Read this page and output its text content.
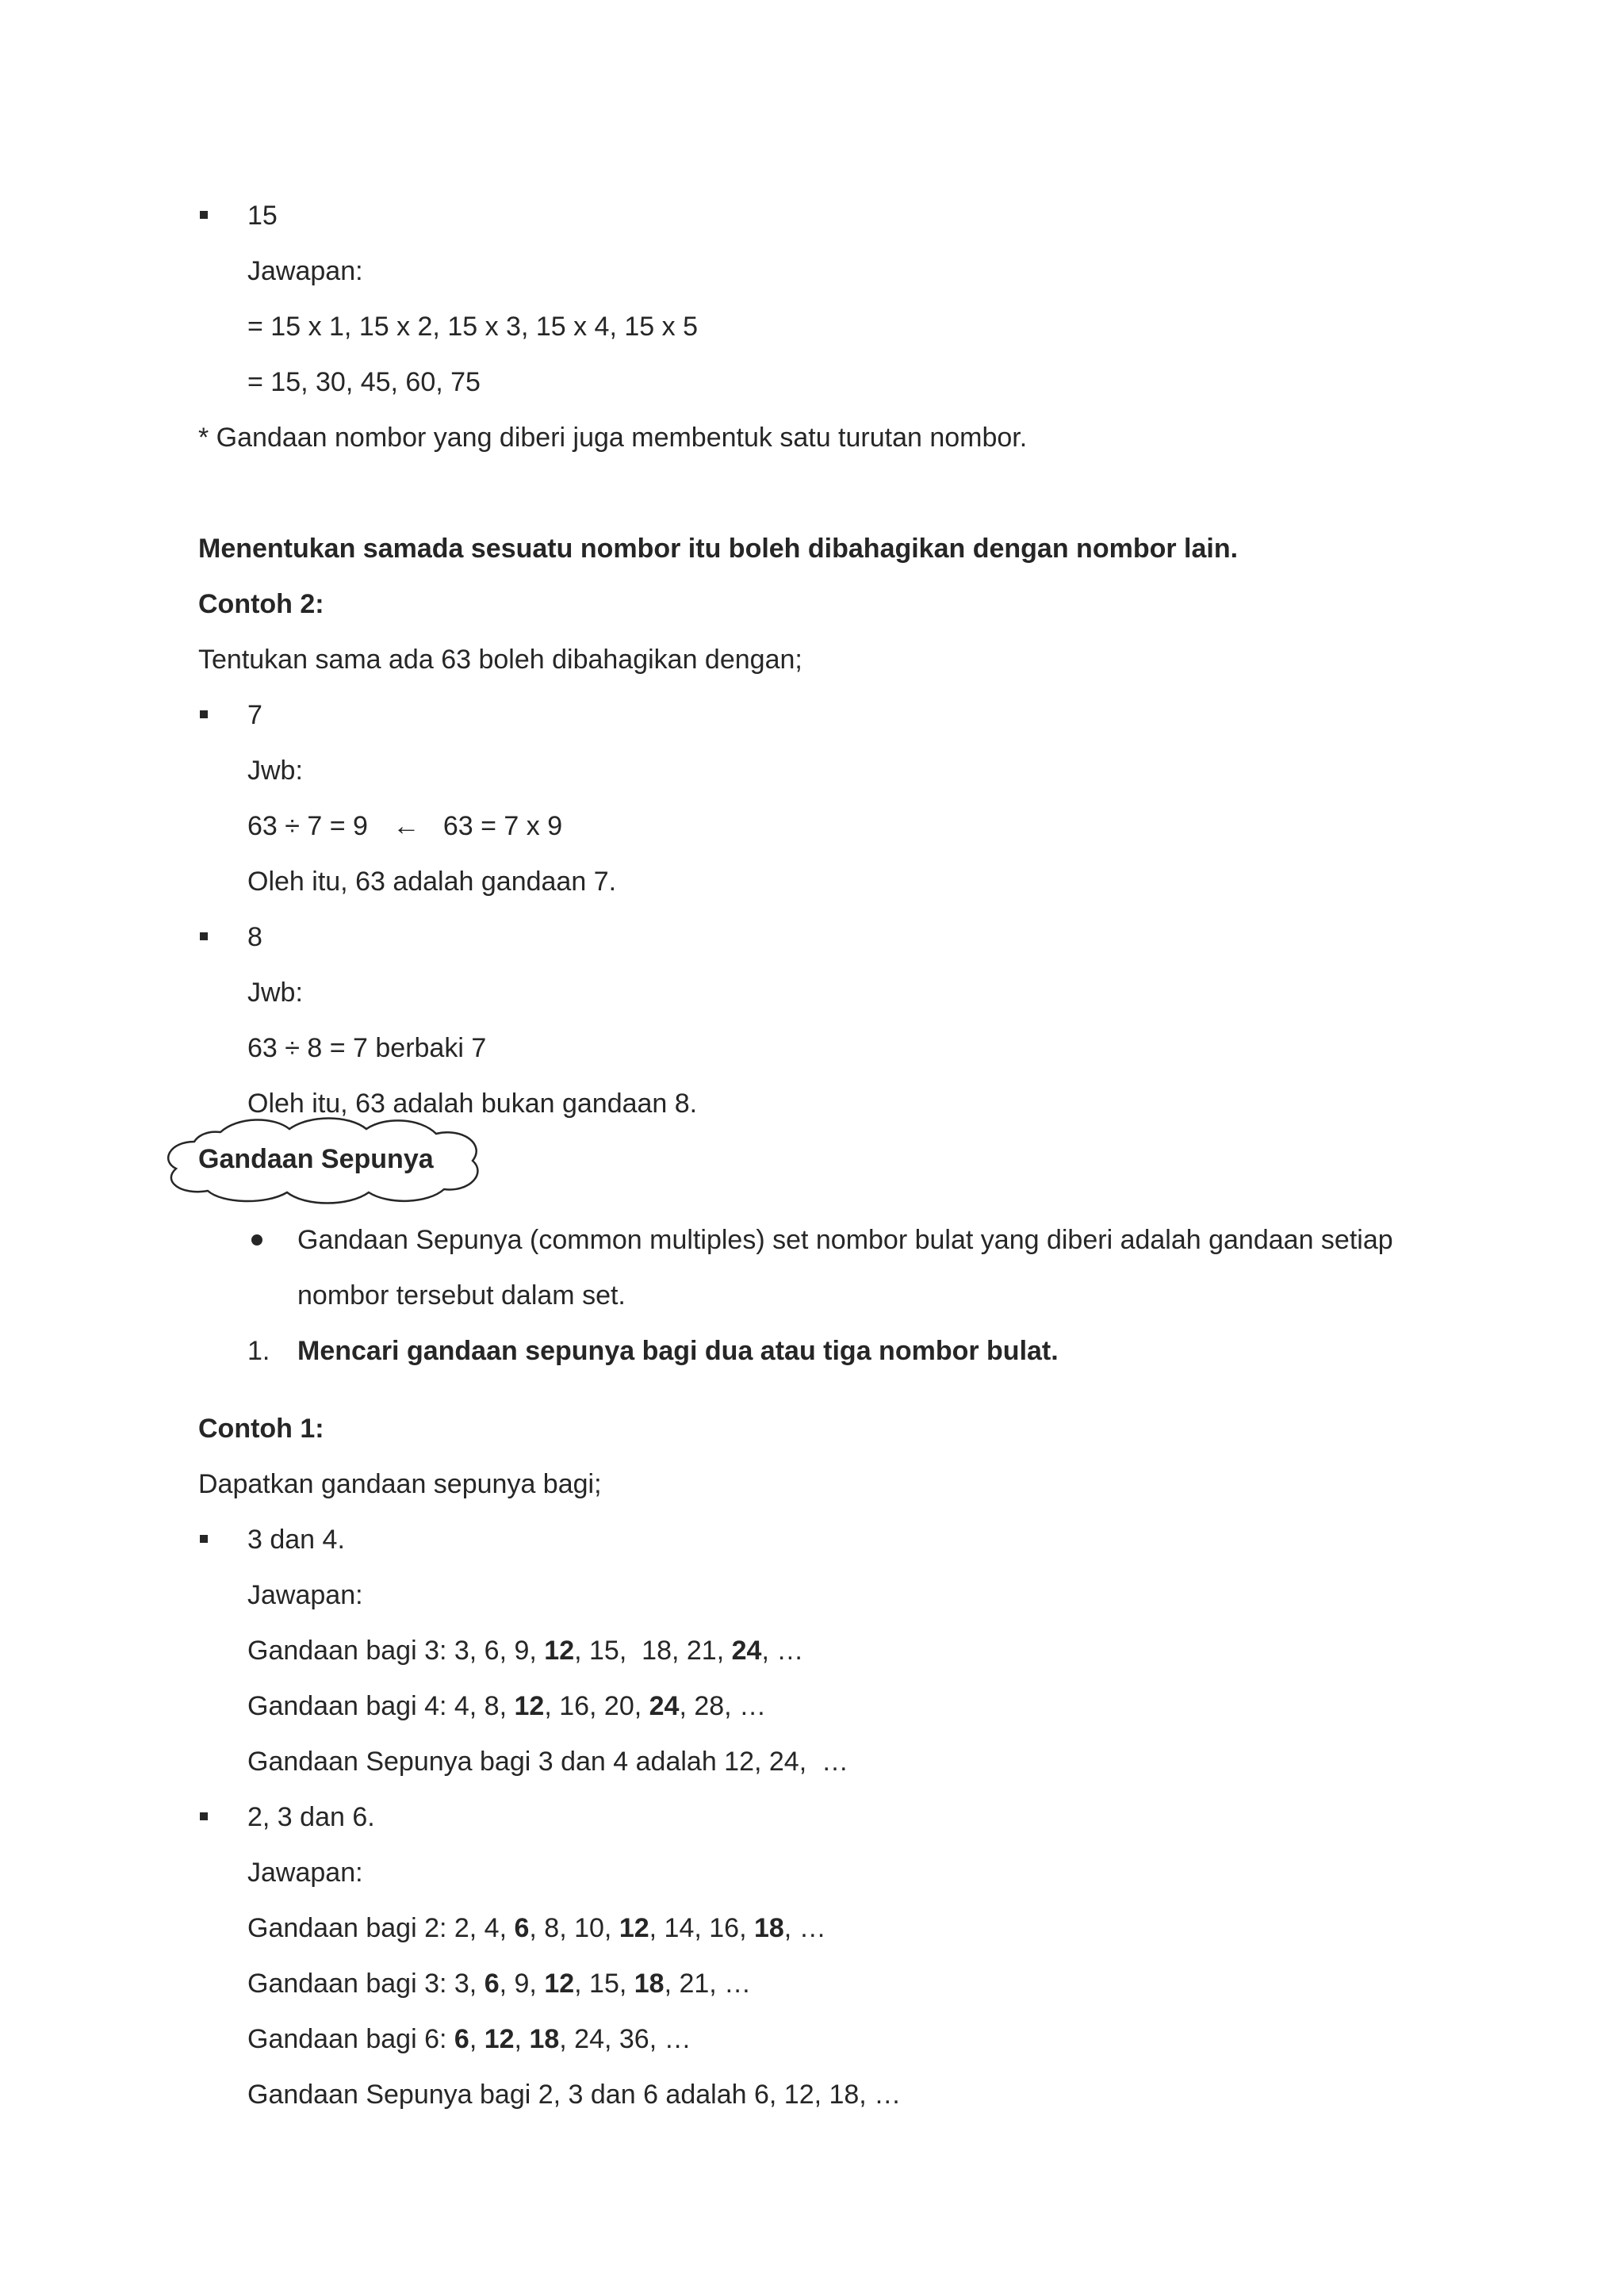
15
Jawapan:
= 15 x 1, 15 x 2, 15 x 3, 15 x 4, 15 x 5
= 15, 30, 45, 60, 75
* Gandaan nombor yang diberi juga membentuk satu turutan nombor.
Menentukan samada sesuatu nombor itu boleh dibahagikan dengan nombor lain.
Contoh 2:
Tentukan sama ada 63 boleh dibahagikan dengan;
7
Jwb:
63 ÷ 7 = 9 ← 63 = 7 x 9
Oleh itu, 63 adalah gandaan 7.
8
Jwb:
63 ÷ 8 = 7 berbaki 7
Oleh itu, 63 adalah bukan gandaan 8.
Gandaan Sepunya
Gandaan Sepunya (common multiples) set nombor bulat yang diberi adalah gandaan setiap
nombor tersebut dalam set.
1. Mencari gandaan sepunya bagi dua atau tiga nombor bulat.
Contoh 1:
Dapatkan gandaan sepunya bagi;
3 dan 4.
Jawapan:
Gandaan bagi 3: 3, 6, 9, 12, 15,  18, 21, 24, …
Gandaan bagi 4: 4, 8, 12, 16, 20, 24, 28, …
Gandaan Sepunya bagi 3 dan 4 adalah 12, 24,  …
2, 3 dan 6.
Jawapan:
Gandaan bagi 2: 2, 4, 6, 8, 10, 12, 14, 16, 18, …
Gandaan bagi 3: 3, 6, 9, 12, 15, 18, 21, …
Gandaan bagi 6: 6, 12, 18, 24, 36, …
Gandaan Sepunya bagi 2, 3 dan 6 adalah 6, 12, 18, …
